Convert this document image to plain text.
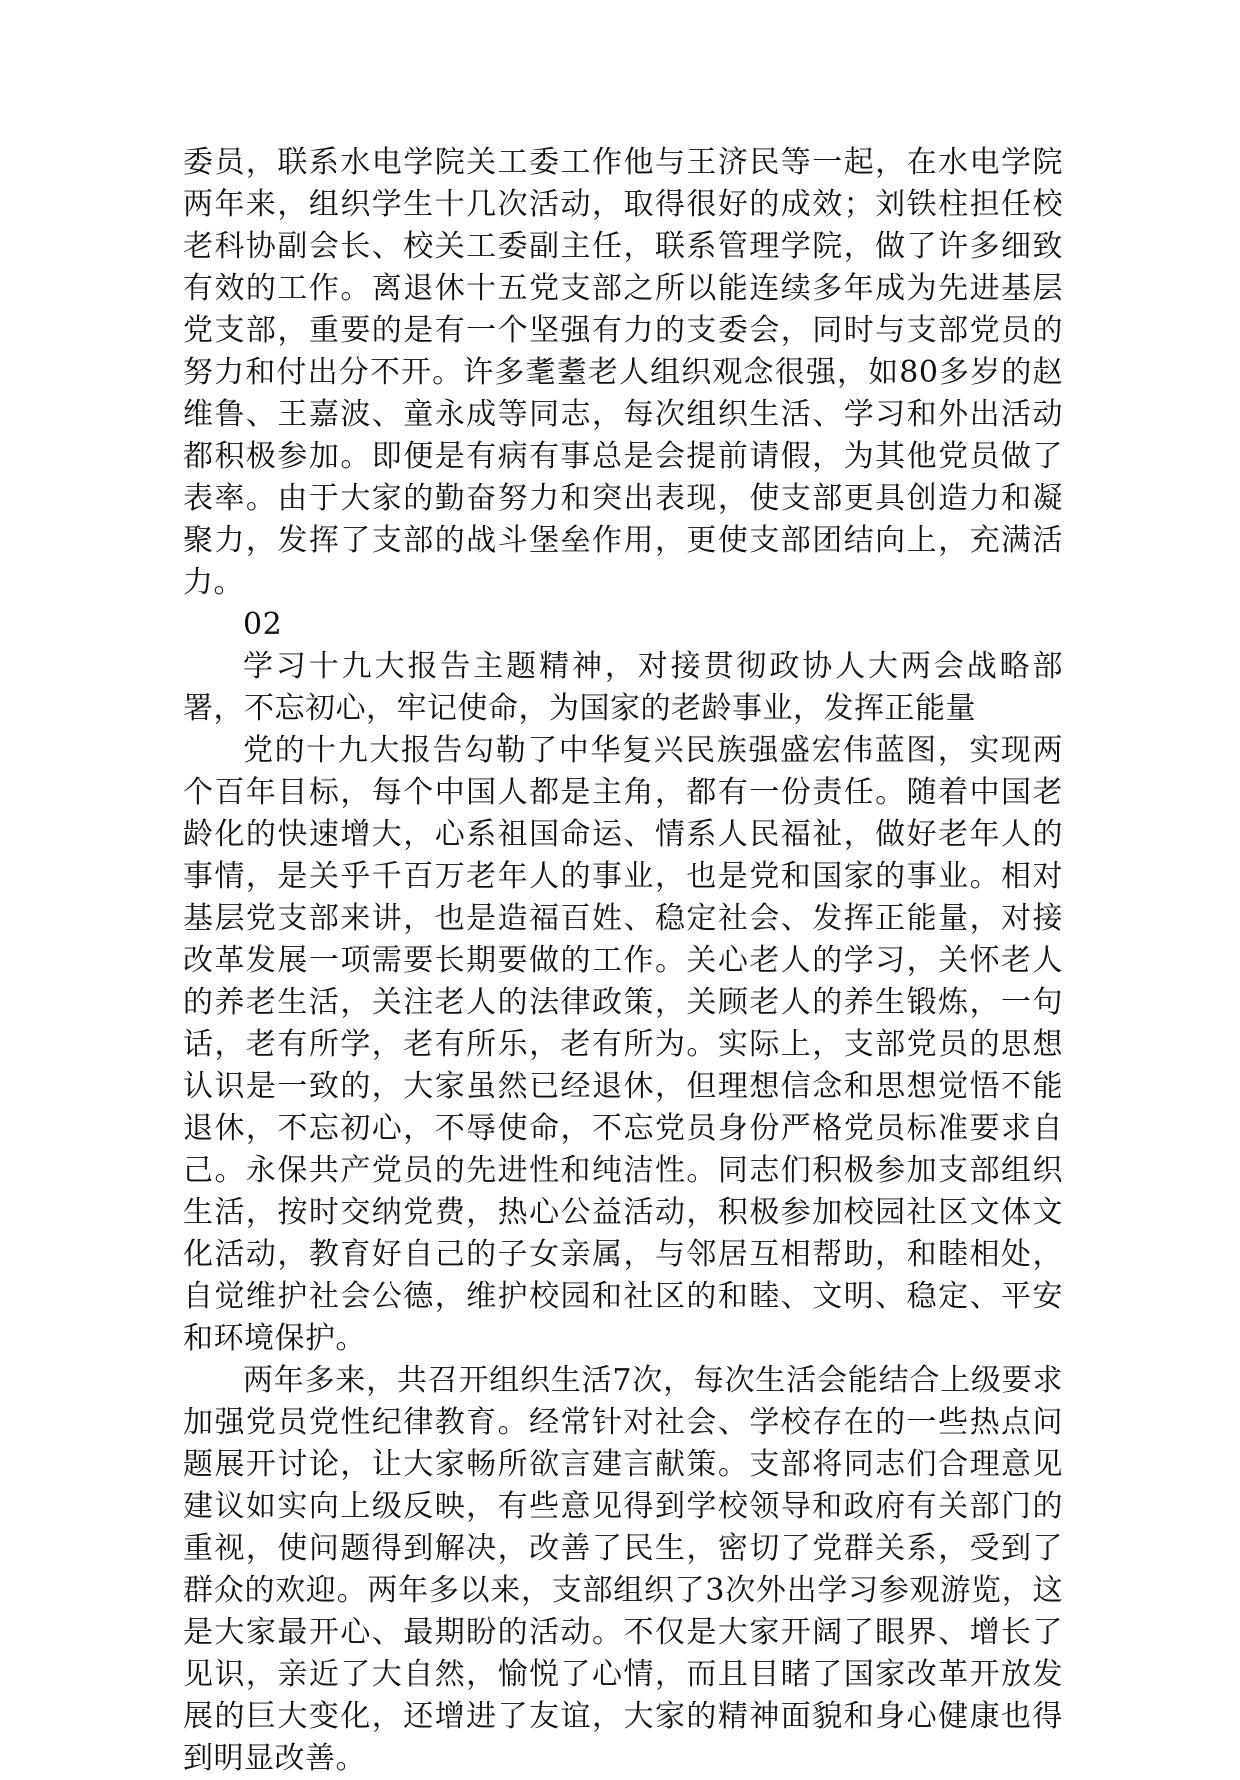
委员，联系水电学院关工委工作他与王济民等一起，在水电学院两年来，组织学生十几次活动，取得很好的成效；刘铁柱担任校老科协副会长、校关工委副主任，联系管理学院，做了许多细致有效的工作。离退休十五党支部之所以能连续多年成为先进基层党支部，重要的是有一个坚强有力的支委会，同时与支部党员的努力和付出分不开。许多耄耋老人组织观念很强，如80多岁的赵维鲁、王嘉波、童永成等同志，每次组织生活、学习和外出活动都积极参加。即便是有病有事总是会提前请假，为其他党员做了表率。由于大家的勤奋努力和突出表现，使支部更具创造力和凝聚力，发挥了支部的战斗堡垒作用，更使支部团结向上，充满活力。

02

学习十九大报告主题精神，对接贯彻政协人大两会战略部署，不忘初心，牢记使命，为国家的老龄事业，发挥正能量

党的十九大报告勾勒了中华复兴民族强盛宏伟蓝图，实现两个百年目标，每个中国人都是主角，都有一份责任。随着中国老龄化的快速增大，心系祖国命运、情系人民福祉，做好老年人的事情，是关乎千百万老年人的事业，也是党和国家的事业。相对基层党支部来讲，也是造福百姓、稳定社会、发挥正能量，对接改革发展一项需要长期要做的工作。关心老人的学习，关怀老人的养老生活，关注老人的法律政策，关顾老人的养生锻炼，一句话，老有所学，老有所乐，老有所为。实际上，支部党员的思想认识是一致的，大家虽然已经退休，但理想信念和思想觉悟不能退休，不忘初心，不辱使命，不忘党员身份严格党员标准要求自己。永保共产党员的先进性和纯洁性。同志们积极参加支部组织生活，按时交纳党费，热心公益活动，积极参加校园社区文体文化活动，教育好自己的子女亲属，与邻居互相帮助，和睦相处，自觉维护社会公德，维护校园和社区的和睦、文明、稳定、平安和环境保护。

两年多来，共召开组织生活7次，每次生活会能结合上级要求加强党员党性纪律教育。经常针对社会、学校存在的一些热点问题展开讨论，让大家畅所欲言建言献策。支部将同志们合理意见建议如实向上级反映，有些意见得到学校领导和政府有关部门的重视，使问题得到解决，改善了民生，密切了党群关系，受到了群众的欢迎。两年多以来，支部组织了3次外出学习参观游览，这是大家最开心、最期盼的活动。不仅是大家开阔了眼界、增长了见识，亲近了大自然，愉悦了心情，而且目睹了国家改革开放发展的巨大变化，还增进了友谊，大家的精神面貌和身心健康也得到明显改善。
